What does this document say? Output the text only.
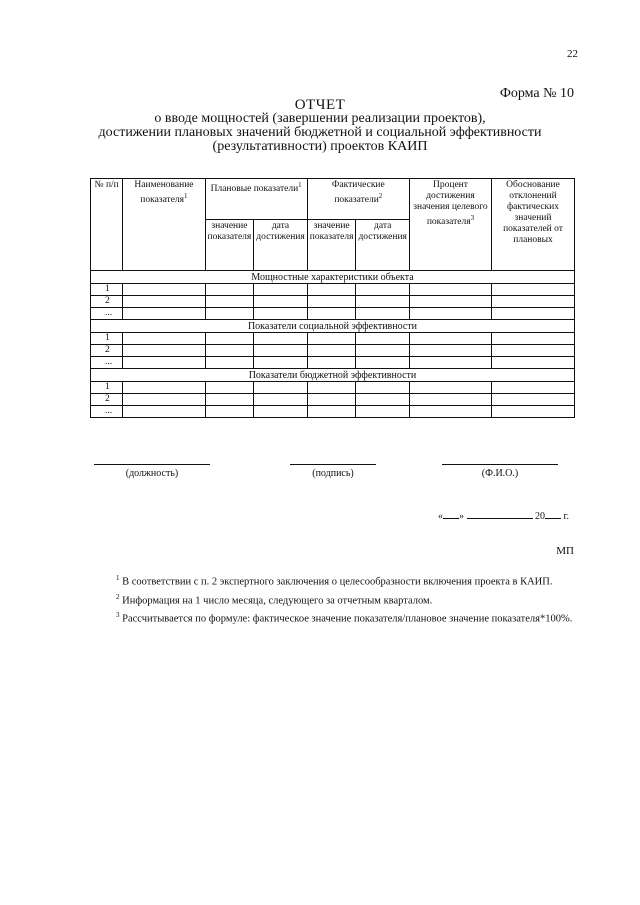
22
Форма № 10
ОТЧЕТ
о вводе мощностей (завершении реализации проектов),
достижении плановых значений бюджетной и социальной эффективности
(результативности) проектов КАИП
№ п/п	Наименование показателя$^1$	Плановые показатели$^1$		Фактические показатели$^2$		Процент достижения значения целевого показателя$^3$	Обоснование отклонений фактических значений показателей от плановых
		значение показателя	дата достижения	значение показателя	дата достижения		
Мощностные характеристики объекта							
1							
2							
...							
Показатели социальной эффективности							
1							
2							
...							
Показатели бюджетной эффективности							
1							
2							
...							
(должность)	(подпись)	(Ф.И.О.)
« »	20 г.
МП

$^1$ В соответствии с п. 2 экспертного заключения о целесообразности включения проекта в КАИП.

$^2$ Информация на 1 число месяца, следующего за отчетным кварталом.

$^3$ Рассчитывается по формуле: фактическое значение показателя/плановое значение показателя*100%.
